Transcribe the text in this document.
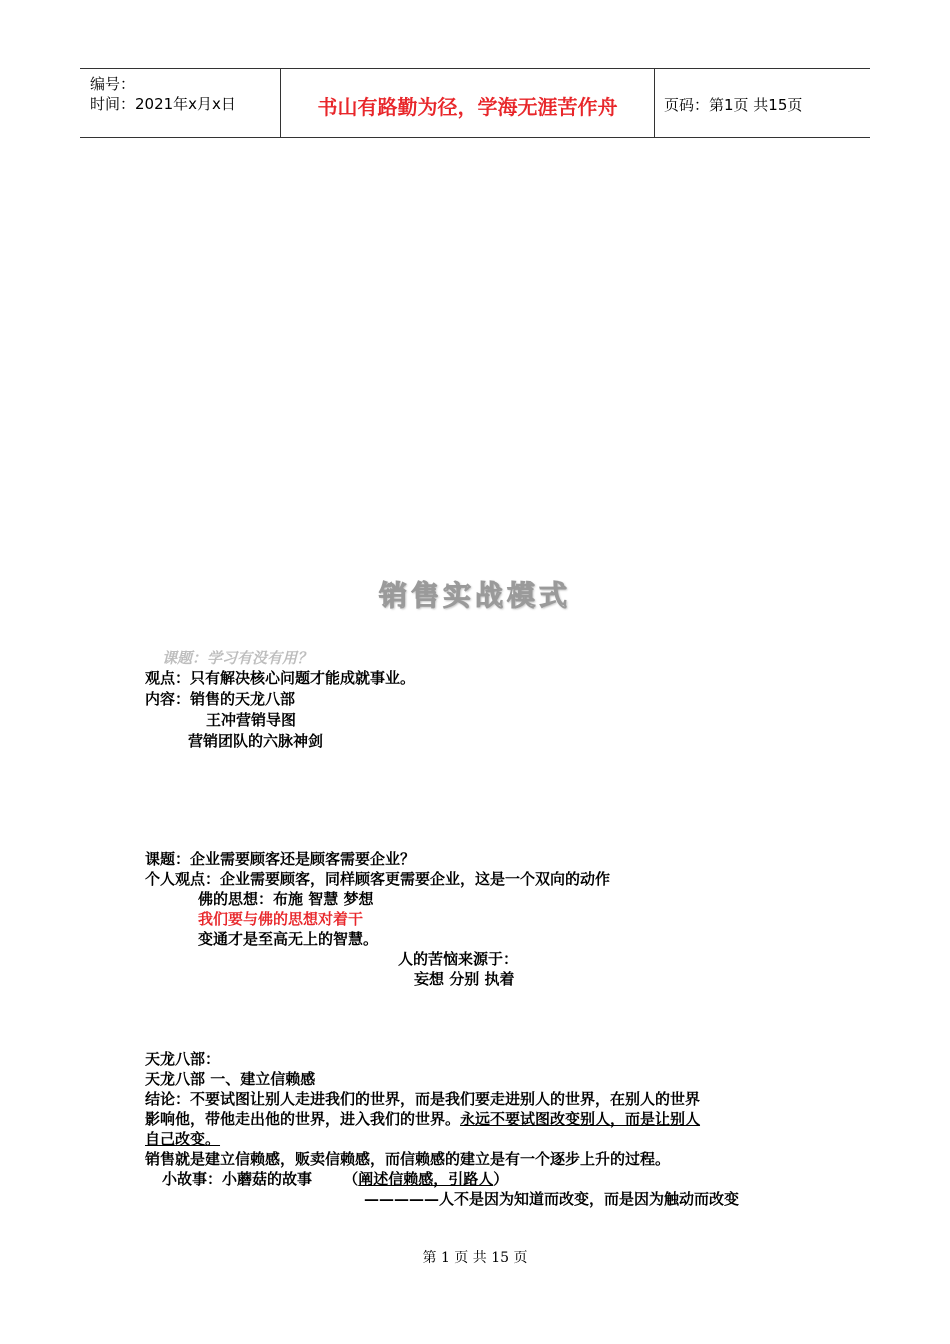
编号：
时间：2021年x月x日	书山有路勤为径，学海无涯苦作舟	页码：第1页 共15页
销售实战模式
课题：学习有没有用？
观点：只有解决核心问题才能成就事业。
内容：销售的天龙八部
王冲营销导图
营销团队的六脉神剑
课题：企业需要顾客还是顾客需要企业？
个人观点：企业需要顾客，同样顾客更需要企业，这是一个双向的动作
佛的思想：布施 智慧 梦想
我们要与佛的思想对着干
变通才是至高无上的智慧。
人的苦恼来源于：
妄想 分别 执着
天龙八部：
天龙八部 一、建立信赖感
结论：不要试图让别人走进我们的世界，而是我们要走进别人的世界，在别人的世界
影响他，带他走出他的世界，进入我们的世界。永远不要试图改变别人，而是让别人
自己改变。
销售就是建立信赖感，贩卖信赖感，而信赖感的建立是有一个逐步上升的过程。
小故事：小蘑菇的故事 （阐述信赖感，引路人）
—————人不是因为知道而改变，而是因为触动而改变
第 1 页 共 15 页
